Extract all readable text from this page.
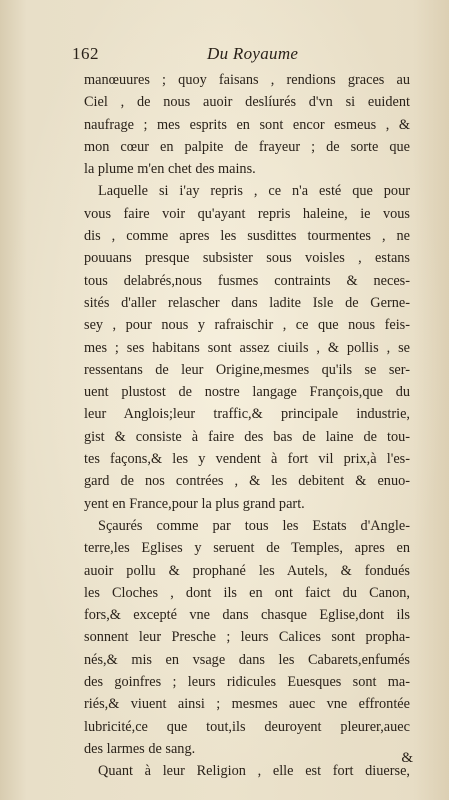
162	Du Royaume
manœuures ; quoy faisans , rendions graces au
Ciel , de nous auoir deslíurés d'vn si euident
naufrage ; mes esprits en sont encor esmeus , &
mon cœur en palpite de frayeur ; de sorte que
la plume m'en chet des mains.
Laquelle si i'ay repris , ce n'a esté que pour
vous faire voir qu'ayant repris haleine, ie vous
dis , comme apres les susdittes tourmentes , ne
pouuans presque subsister sous voisles , estans
tous delabrés,nous fusmes contraints & neces-
sités d'aller relascher dans ladite Isle de Gerne-
sey , pour nous y rafraischir , ce que nous feis-
mes ; ses habitans sont assez ciuils , & pollis , se
ressentans de leur Origine,mesmes qu'ils se ser-
uent plustost de nostre langage François,que du
leur Anglois;leur traffic,& principale industrie,
gist & consiste à faire des bas de laine de tou-
tes façons,& les y vendent à fort vil prix,à l'es-
gard de nos contrées , & les debitent & enuo-
yent en France,pour la plus grand part.
Sçaurés comme par tous les Estats d'Angle-
terre,les Eglises y seruent de Temples, apres en
auoir pollu & prophané les Autels, & fondués
les Cloches , dont ils en ont faict du Canon,
fors,& excepté vne dans chasque Eglise,dont ils
sonnent leur Presche ; leurs Calices sont propha-
nés,& mis en vsage dans les Cabarets,enfumés
des goinfres ; leurs ridicules Euesques sont ma-
riés,& viuent ainsi ; mesmes auec vne effrontée
lubricité,ce que tout,ils deuroyent pleurer,auec
des larmes de sang.
Quant à leur Religion , elle est fort diuerse,
&
